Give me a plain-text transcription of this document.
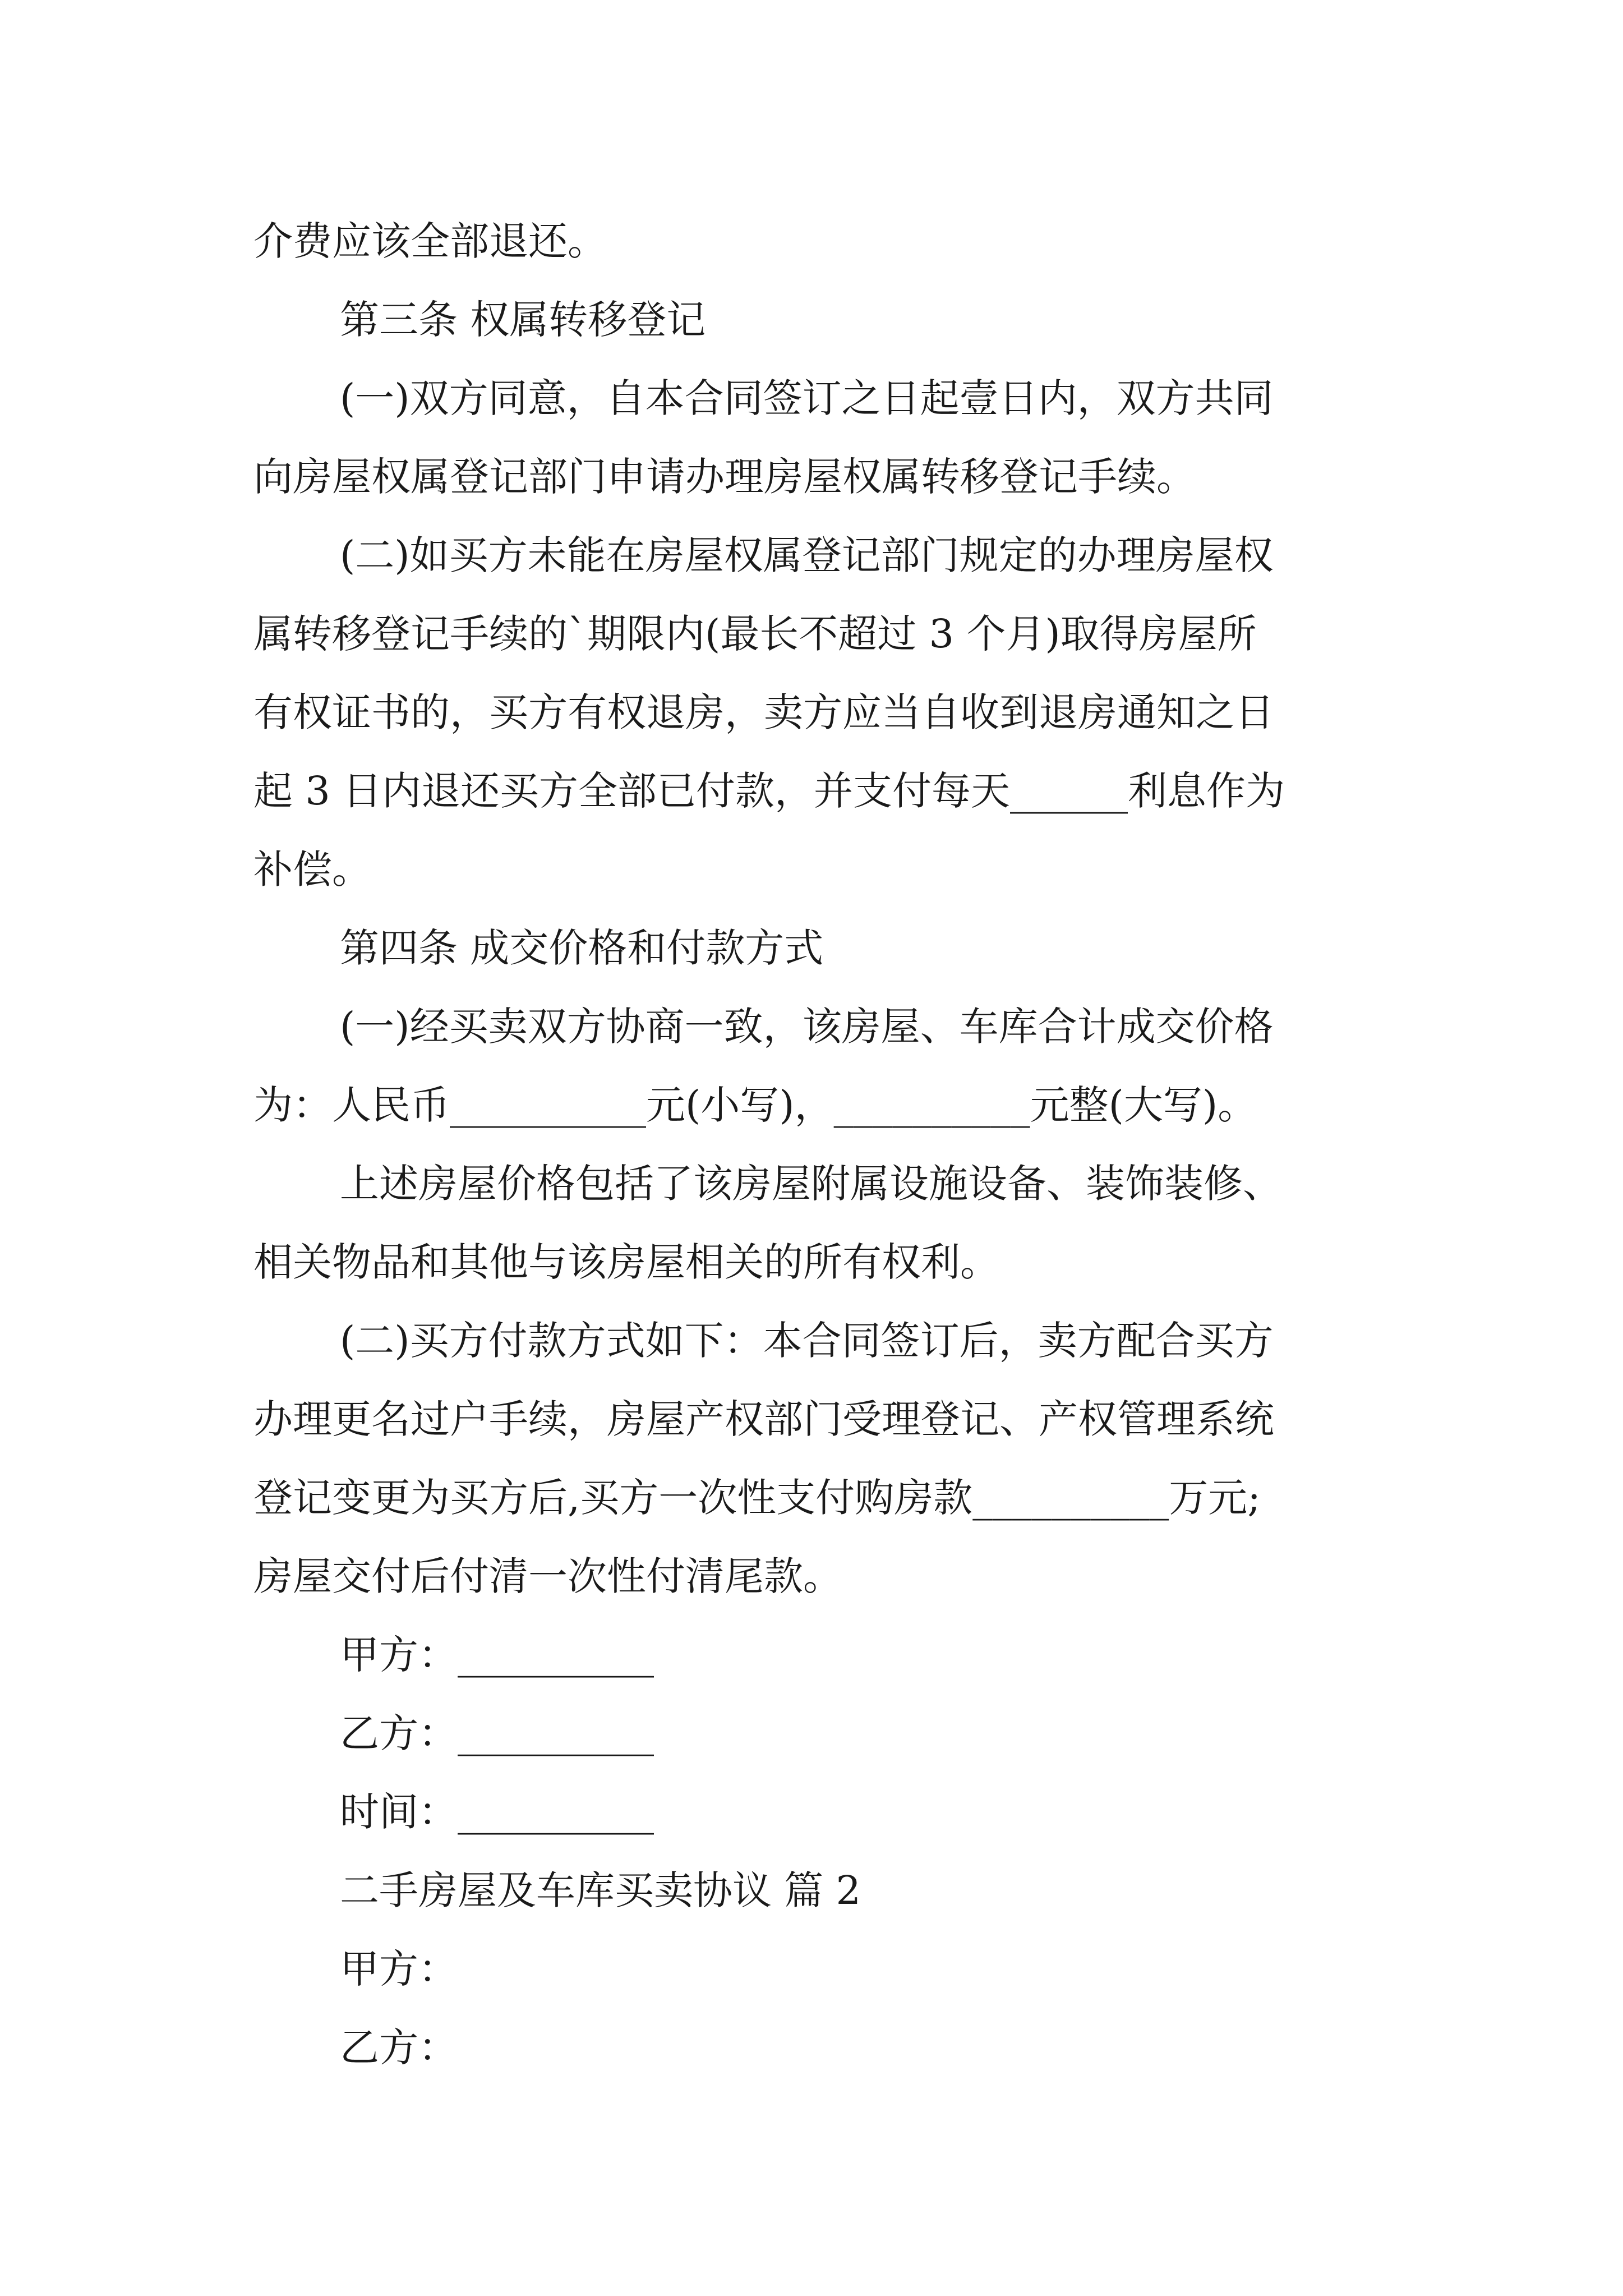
介费应该全部退还。
第三条 权属转移登记
(一)双方同意，自本合同签订之日起壹日内，双方共同
向房屋权属登记部门申请办理房屋权属转移登记手续。
(二)如买方未能在房屋权属登记部门规定的办理房屋权
属转移登记手续的`期限内(最长不超过 3 个月)取得房屋所
有权证书的，买方有权退房，卖方应当自收到退房通知之日
起 3 日内退还买方全部已付款，并支付每天______利息作为
补偿。
第四条 成交价格和付款方式
(一)经买卖双方协商一致，该房屋、车库合计成交价格
为：人民币__________元(小写)，__________元整(大写)。
上述房屋价格包括了该房屋附属设施设备、装饰装修、
相关物品和其他与该房屋相关的所有权利。
(二)买方付款方式如下：本合同签订后，卖方配合买方
办理更名过户手续，房屋产权部门受理登记、产权管理系统
登记变更为买方后,买方一次性支付购房款__________万元;
房屋交付后付清一次性付清尾款。
甲方：__________
乙方：__________
时间：__________
二手房屋及车库买卖协议 篇 2
甲方：
乙方：
